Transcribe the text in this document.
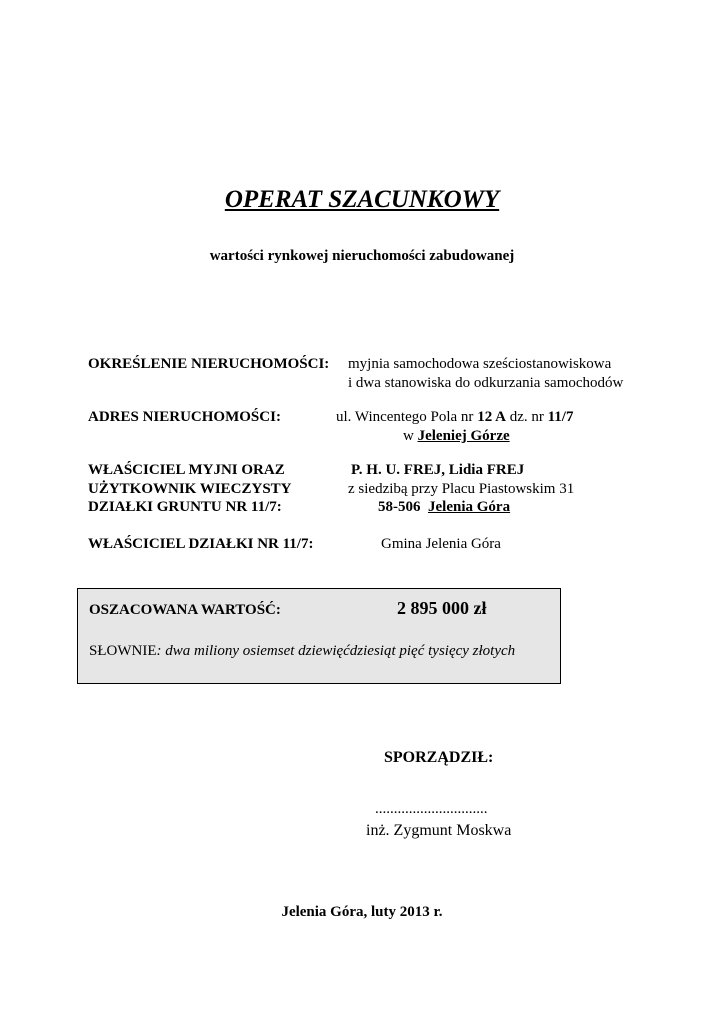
OPERAT SZACUNKOWY
wartości rynkowej nieruchomości zabudowanej
OKREŚLENIE NIERUCHOMOŚCI: myjnia samochodowa sześciostanowiskowa
i dwa stanowiska do odkurzania samochodów
ADRES NIERUCHOMOŚCI:	ul. Wincentego Pola nr 12 A dz. nr 11/7
w Jeleniej Górze
WŁAŚCICIEL MYJNI ORAZ
UŻYTKOWNIK WIECZYSTY
DZIAŁKI GRUNTU NR 11/7:
P. H. U. FREJ, Lidia FREJ
z siedzibą przy Placu Piastowskim 31
58-506 Jelenia Góra
WŁAŚCICIEL DZIAŁKI NR 11/7:	Gmina Jelenia Góra
OSZACOWANA WARTOŚĆ:	2 895 000 zł
SŁOWNIE: dwa miliony osiemset dziewięćdziesiąt pięć tysięcy złotych
SPORZĄDZIŁ:
..............................
inż. Zygmunt Moskwa
Jelenia Góra, luty 2013 r.
